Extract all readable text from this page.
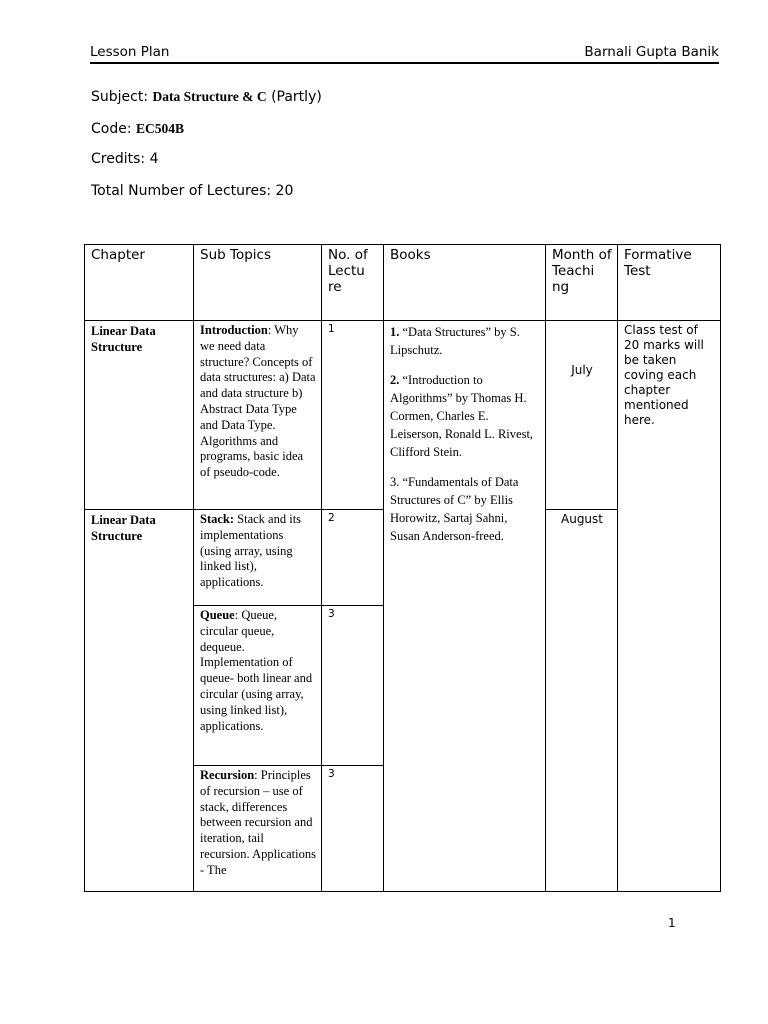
Lesson Plan	Barnali Gupta Banik
Subject: Data Structure & C (Partly)
Code: EC504B
Credits: 4
Total Number of Lectures: 20
Chapter	Sub Topics	No. of Lectu re	Books	Month of Teachi ng	Formative Test
Linear Data Structure	Introduction: Why we need data structure? Concepts of data structures: a) Data and data structure b) Abstract Data Type and Data Type. Algorithms and programs, basic idea of pseudo-code.	1	1. “Data Structures” by S. Lipschutz.

2. “Introduction to Algorithms” by Thomas H. Cormen, Charles E. Leiserson, Ronald L. Rivest, Clifford Stein.

3. “Fundamentals of Data Structures of C” by Ellis Horowitz, Sartaj Sahni, Susan Anderson-freed.	July	Class test of 20 marks will be taken coving each chapter mentioned here.
Linear Data Structure	Stack: Stack and its implementations (using array, using linked list), applications.	2		August	
	Queue: Queue, circular queue, dequeue. Implementation of queue- both linear and circular (using array, using linked list), applications.	3			
	Recursion: Principles of recursion – use of stack, differences between recursion and iteration, tail recursion. Applications - The	3			
1
